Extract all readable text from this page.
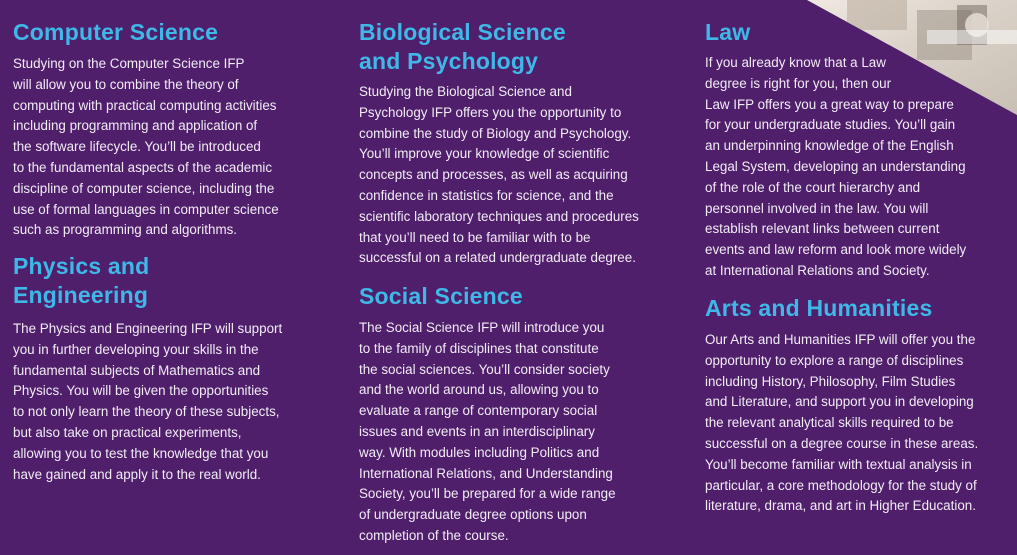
Computer Science

Studying on the Computer Science IFP
will allow you to combine the theory of
computing with practical computing activities
including programming and application of
the software lifecycle. You’ll be introduced
to the fundamental aspects of the academic
discipline of computer science, including the
use of formal languages in computer science
such as programming and algorithms.

Physics and
Engineering

The Physics and Engineering IFP will support
you in further developing your skills in the
fundamental subjects of Mathematics and
Physics. You will be given the opportunities
to not only learn the theory of these subjects,
but also take on practical experiments,
allowing you to test the knowledge that you
have gained and apply it to the real world.

Biological Science
and Psychology

Studying the Biological Science and
Psychology IFP offers you the opportunity to
combine the study of Biology and Psychology.
You’ll improve your knowledge of scientific
concepts and processes, as well as acquiring
confidence in statistics for science, and the
scientific laboratory techniques and procedures
that you’ll need to be familiar with to be
successful on a related undergraduate degree.

Social Science

The Social Science IFP will introduce you
to the family of disciplines that constitute
the social sciences. You’ll consider society
and the world around us, allowing you to
evaluate a range of contemporary social
issues and events in an interdisciplinary
way. With modules including Politics and
International Relations, and Understanding
Society, you’ll be prepared for a wide range
of undergraduate degree options upon
completion of the course.

Law

If you already know that a Law
degree is right for you, then our
Law IFP offers you a great way to prepare
for your undergraduate studies. You’ll gain
an underpinning knowledge of the English
Legal System, developing an understanding
of the role of the court hierarchy and
personnel involved in the law. You will
establish relevant links between current
events and law reform and look more widely
at International Relations and Society.

Arts and Humanities

Our Arts and Humanities IFP will offer you the
opportunity to explore a range of disciplines
including History, Philosophy, Film Studies
and Literature, and support you in developing
the relevant analytical skills required to be
successful on a degree course in these areas.
You’ll become familiar with textual analysis in
particular, a core methodology for the study of
literature, drama, and art in Higher Education.
